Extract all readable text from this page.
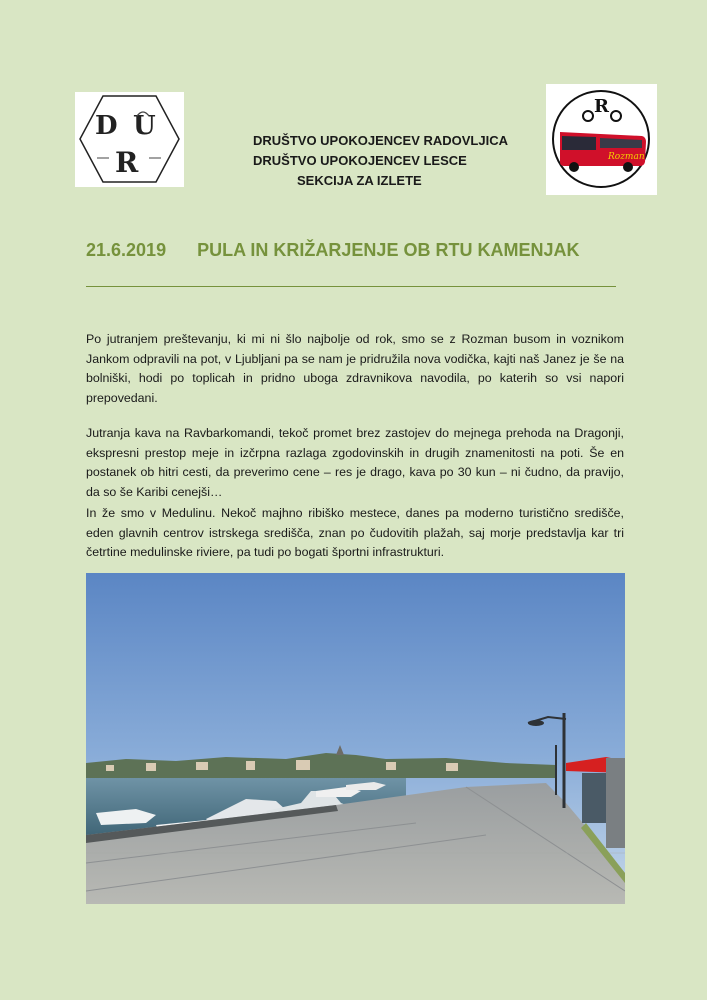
D U
R
R
Rozman
DRUŠTVO UPOKOJENCEV RADOVLJICA
DRUŠTVO UPOKOJENCEV LESCE
SEKCIJA ZA IZLETE
21.6.2019 PULA IN KRIŽARJENJE OB RTU KAMENJAK

Po jutranjem preštevanju, ki mi ni šlo najbolje od rok, smo se z Rozman busom in voznikom Jankom odpravili na pot, v Ljubljani pa se nam je pridružila nova vodička, kajti naš Janez je še na bolniški, hodi po toplicah in pridno uboga zdravnikova navodila, po katerih so vsi napori prepovedani.

Jutranja kava na Ravbarkomandi, tekoč promet brez zastojev do mejnega prehoda na Dragonji, ekspresni prestop meje in izčrpna razlaga zgodovinskih in drugih znamenitosti na poti. Še en postanek ob hitri cesti, da preverimo cene – res je drago, kava po 30 kun – ni čudno, da pravijo, da so še Karibi cenejši…

In že smo v Medulinu. Nekoč majhno ribiško mestece, danes pa moderno turistično središče, eden glavnih centrov istrskega središča, znan po čudovitih plažah, saj morje predstavlja kar tri četrtine medulinske riviere, pa tudi po bogati športni infrastrukturi.
